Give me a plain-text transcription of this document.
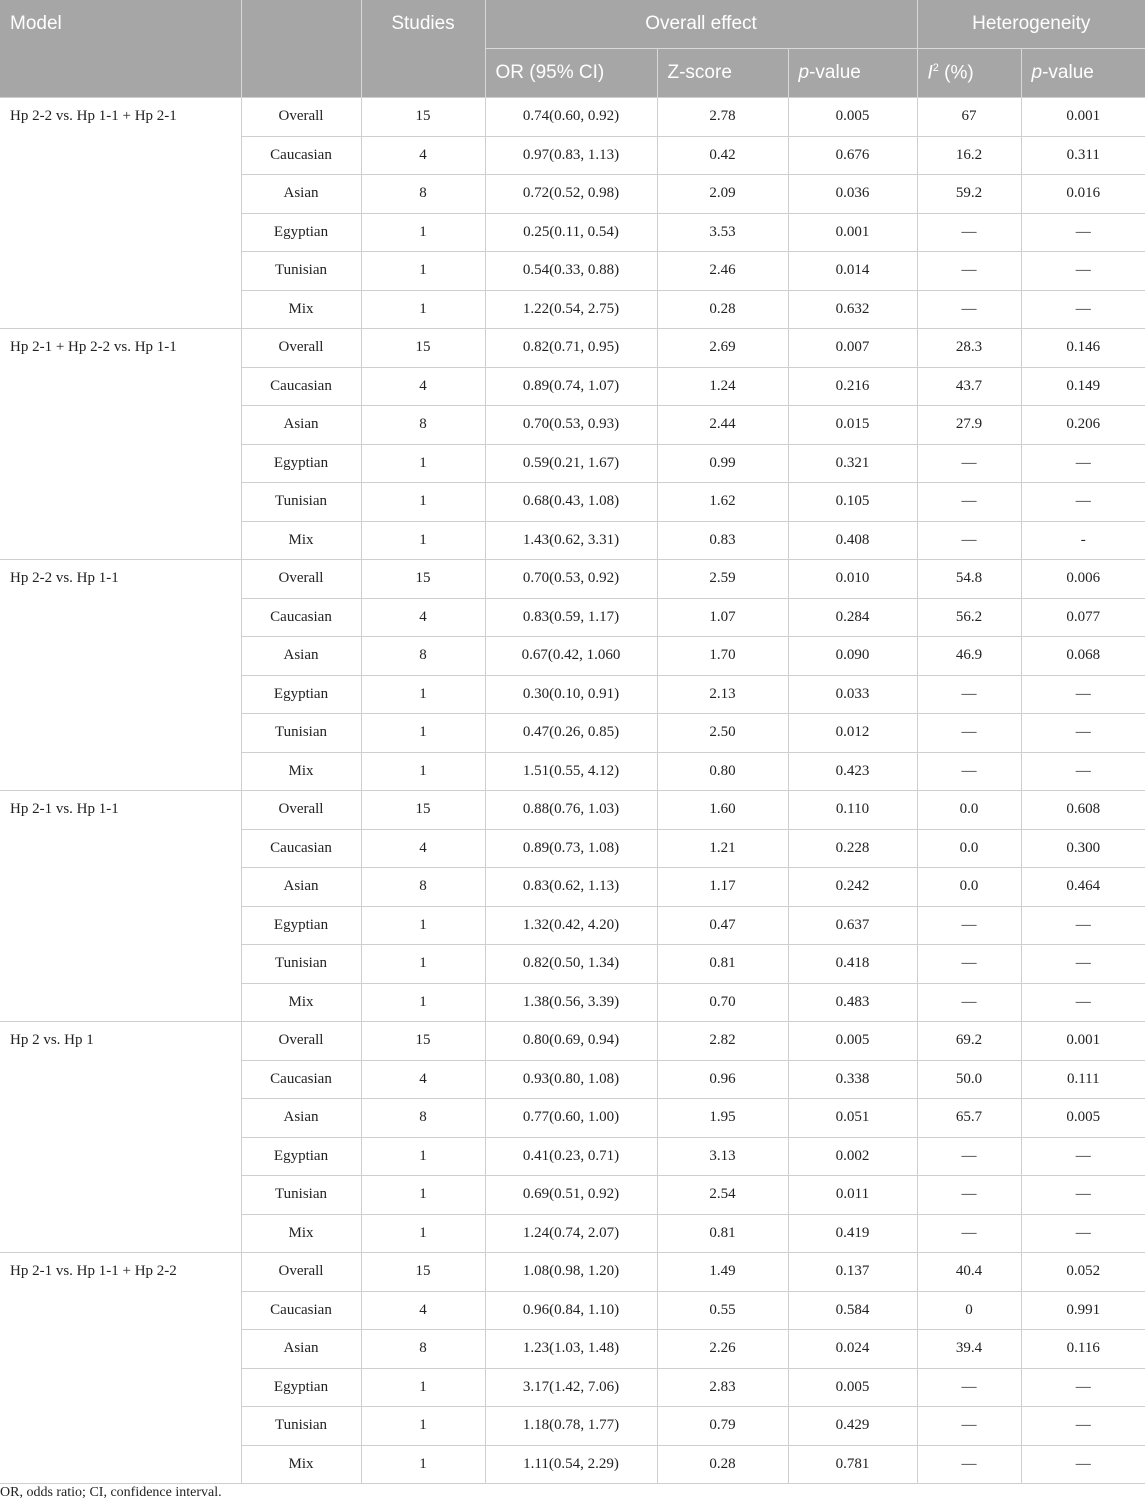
Model		Studies	Overall effect			Heterogeneity	
			OR (95% CI)	Z-score	p-value	$I^2$ (%)	p-value
Hp 2-2 vs. Hp 1-1 + Hp 2-1	Overall	15	0.74(0.60, 0.92)	2.78	0.005	67	0.001
	Caucasian	4	0.97(0.83, 1.13)	0.42	0.676	16.2	0.311
	Asian	8	0.72(0.52, 0.98)	2.09	0.036	59.2	0.016
	Egyptian	1	0.25(0.11, 0.54)	3.53	0.001	—	—
	Tunisian	1	0.54(0.33, 0.88)	2.46	0.014	—	—
	Mix	1	1.22(0.54, 2.75)	0.28	0.632	—	—
Hp 2-1 + Hp 2-2 vs. Hp 1-1	Overall	15	0.82(0.71, 0.95)	2.69	0.007	28.3	0.146
	Caucasian	4	0.89(0.74, 1.07)	1.24	0.216	43.7	0.149
	Asian	8	0.70(0.53, 0.93)	2.44	0.015	27.9	0.206
	Egyptian	1	0.59(0.21, 1.67)	0.99	0.321	—	—
	Tunisian	1	0.68(0.43, 1.08)	1.62	0.105	—	—
	Mix	1	1.43(0.62, 3.31)	0.83	0.408	—	-
Hp 2-2 vs. Hp 1-1	Overall	15	0.70(0.53, 0.92)	2.59	0.010	54.8	0.006
	Caucasian	4	0.83(0.59, 1.17)	1.07	0.284	56.2	0.077
	Asian	8	0.67(0.42, 1.060	1.70	0.090	46.9	0.068
	Egyptian	1	0.30(0.10, 0.91)	2.13	0.033	—	—
	Tunisian	1	0.47(0.26, 0.85)	2.50	0.012	—	—
	Mix	1	1.51(0.55, 4.12)	0.80	0.423	—	—
Hp 2-1 vs. Hp 1-1	Overall	15	0.88(0.76, 1.03)	1.60	0.110	0.0	0.608
	Caucasian	4	0.89(0.73, 1.08)	1.21	0.228	0.0	0.300
	Asian	8	0.83(0.62, 1.13)	1.17	0.242	0.0	0.464
	Egyptian	1	1.32(0.42, 4.20)	0.47	0.637	—	—
	Tunisian	1	0.82(0.50, 1.34)	0.81	0.418	—	—
	Mix	1	1.38(0.56, 3.39)	0.70	0.483	—	—
Hp 2 vs. Hp 1	Overall	15	0.80(0.69, 0.94)	2.82	0.005	69.2	0.001
	Caucasian	4	0.93(0.80, 1.08)	0.96	0.338	50.0	0.111
	Asian	8	0.77(0.60, 1.00)	1.95	0.051	65.7	0.005
	Egyptian	1	0.41(0.23, 0.71)	3.13	0.002	—	—
	Tunisian	1	0.69(0.51, 0.92)	2.54	0.011	—	—
	Mix	1	1.24(0.74, 2.07)	0.81	0.419	—	—
Hp 2-1 vs. Hp 1-1 + Hp 2-2	Overall	15	1.08(0.98, 1.20)	1.49	0.137	40.4	0.052
	Caucasian	4	0.96(0.84, 1.10)	0.55	0.584	0	0.991
	Asian	8	1.23(1.03, 1.48)	2.26	0.024	39.4	0.116
	Egyptian	1	3.17(1.42, 7.06)	2.83	0.005	—	—
	Tunisian	1	1.18(0.78, 1.77)	0.79	0.429	—	—
	Mix	1	1.11(0.54, 2.29)	0.28	0.781	—	—
OR, odds ratio; CI, confidence interval.
